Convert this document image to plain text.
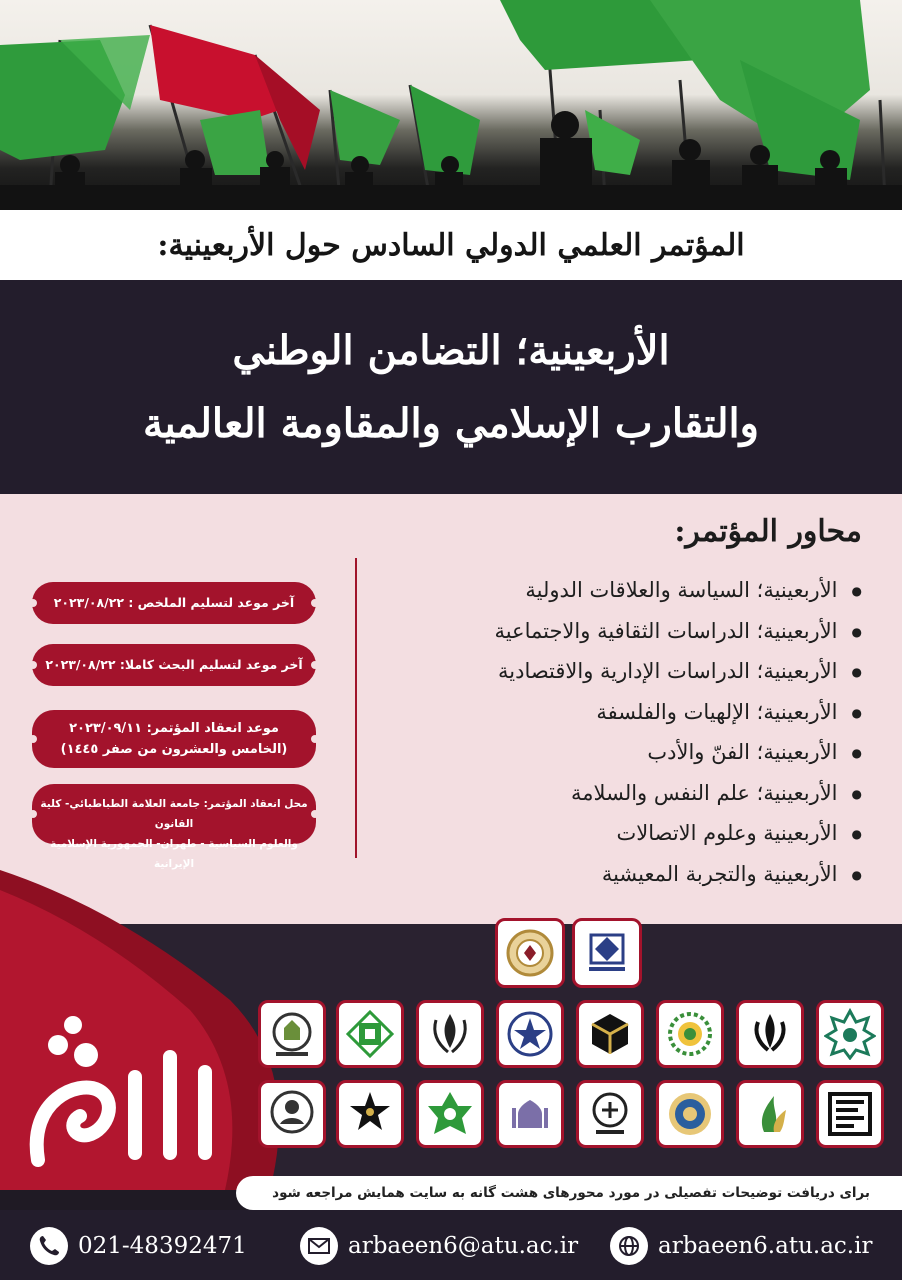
المؤتمر العلمي الدولي السادس حول الأربعينية:
الأربعينية؛ التضامن الوطني
والتقارب الإسلامي والمقاومة العالمية
محاور المؤتمر:
● الأربعينية؛ السياسة والعلاقات الدولية
● الأربعينية؛ الدراسات الثقافية والاجتماعية
● الأربعينية؛ الدراسات الإدارية والاقتصادية
● الأربعينية؛ الإلهيات والفلسفة
● الأربعينية؛ الفنّ والأدب
● الأربعينية؛ علم النفس والسلامة
● الأربعينية وعلوم الاتصالات
● الأربعينية والتجربة المعيشية
آخر موعد لتسليم الملخص : ٢٠٢٣/٠٨/٢٢
آخر موعد لتسليم البحث كاملا: ٢٠٢٣/٠٨/٢٢
موعد انعقاد المؤتمر: ٢٠٢٣/٠٩/١١
(الخامس والعشرون من صفر ١٤٤٥)
محل انعقاد المؤتمر: جامعة العلامة الطباطبائي- كلية القانون
والعلوم السياسية - طهران- الجمهورية الإسلامية الإيرانية
برای دریافت توضیحات تفصیلی در مورد محورهای هشت گانه به سایت همایش مراجعه شود
021-48392471	arbaeen6@atu.ac.ir	arbaeen6.atu.ac.ir
